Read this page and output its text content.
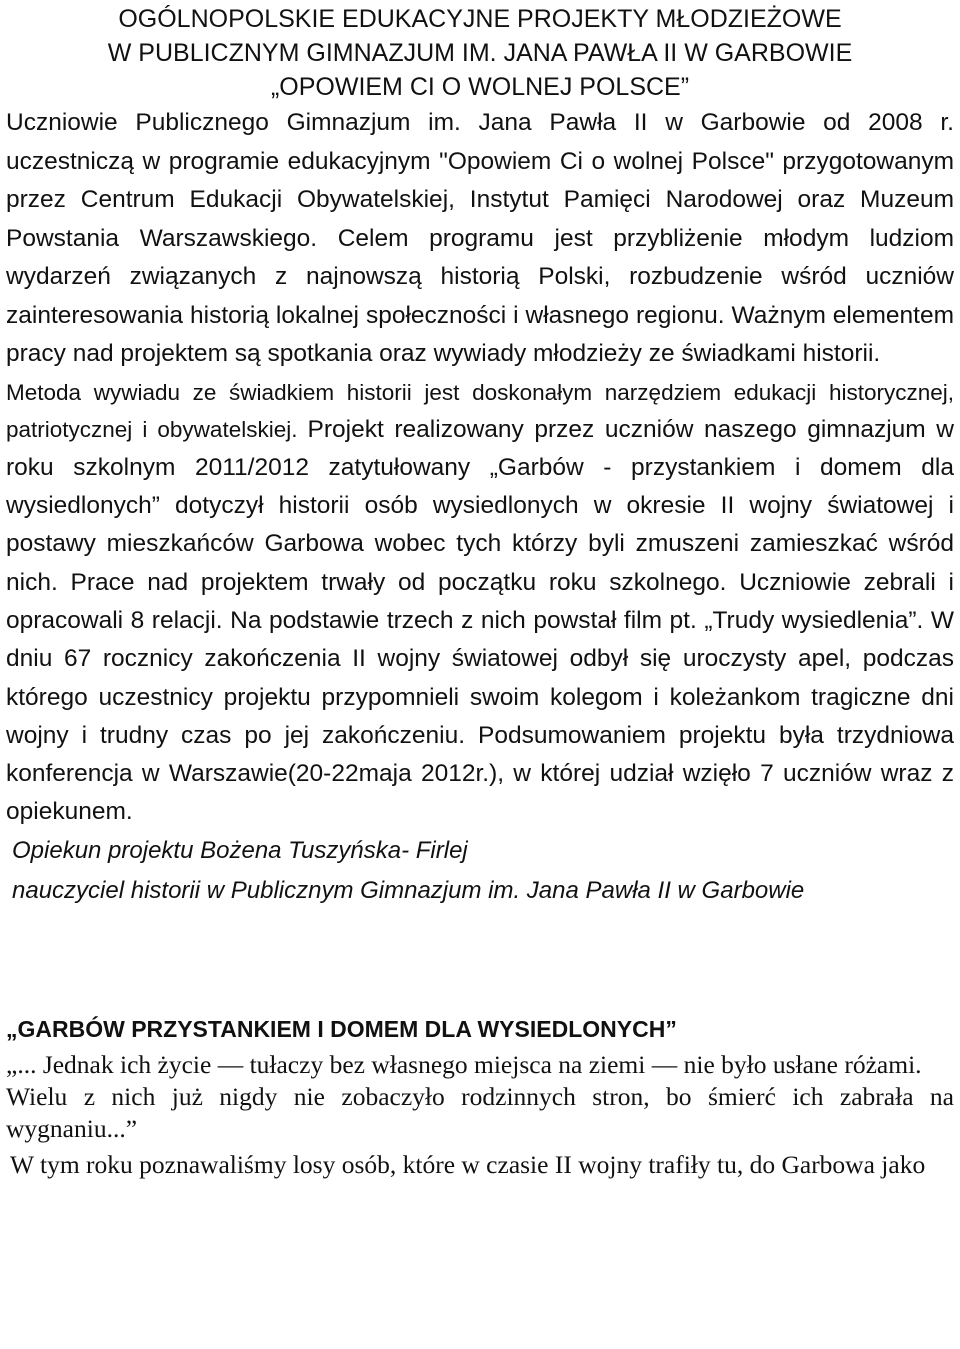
OGÓLNOPOLSKIE EDUKACYJNE PROJEKTY MŁODZIEŻOWE

W PUBLICZNYM GIMNAZJUM IM. JANA PAWŁA II W GARBOWIE

„OPOWIEM CI O WOLNEJ POLSCE”

Uczniowie Publicznego Gimnazjum im. Jana Pawła II w Garbowie od 2008 r. uczestniczą w programie edukacyjnym "Opowiem Ci o wolnej Polsce" przygotowanym przez Centrum Edukacji Obywatelskiej, Instytut Pamięci Narodowej oraz Muzeum Powstania Warszawskiego. Celem programu jest przybliżenie młodym ludziom wydarzeń związanych z najnowszą historią Polski, rozbudzenie wśród uczniów zainteresowania historią lokalnej społeczności i własnego regionu. Ważnym elementem pracy nad projektem są spotkania oraz wywiady młodzieży ze świadkami historii.

Metoda wywiadu ze świadkiem historii jest doskonałym narzędziem edukacji historycznej, patriotycznej i obywatelskiej. Projekt realizowany przez uczniów naszego gimnazjum w roku szkolnym 2011/2012 zatytułowany „Garbów - przystankiem i domem dla wysiedlonych” dotyczył historii osób wysiedlonych w okresie II wojny światowej i postawy mieszkańców Garbowa wobec tych którzy byli zmuszeni zamieszkać wśród nich. Prace nad projektem trwały od początku roku szkolnego. Uczniowie zebrali i opracowali 8 relacji. Na podstawie trzech z nich powstał film pt. „Trudy wysiedlenia”. W dniu 67 rocznicy zakończenia II wojny światowej odbył się uroczysty apel, podczas którego uczestnicy projektu przypomnieli swoim kolegom i koleżankom tragiczne dni wojny i trudny czas po jej zakończeniu. Podsumowaniem projektu była trzydniowa konferencja w Warszawie(20-22maja 2012r.), w której udział wzięło 7 uczniów wraz z opiekunem.

Opiekun projektu Bożena Tuszyńska- Firlej

nauczyciel historii w Publicznym Gimnazjum im. Jana Pawła II w Garbowie

„GARBÓW PRZYSTANKIEM I DOMEM DLA WYSIEDLONYCH”

„... Jednak ich życie — tułaczy bez własnego miejsca na ziemi — nie było usłane różami.

Wielu z nich już nigdy nie zobaczyło rodzinnych stron, bo śmierć ich zabrała na wygnaniu...”

W tym roku poznawaliśmy losy osób, które w czasie II wojny trafiły tu, do Garbowa jako
